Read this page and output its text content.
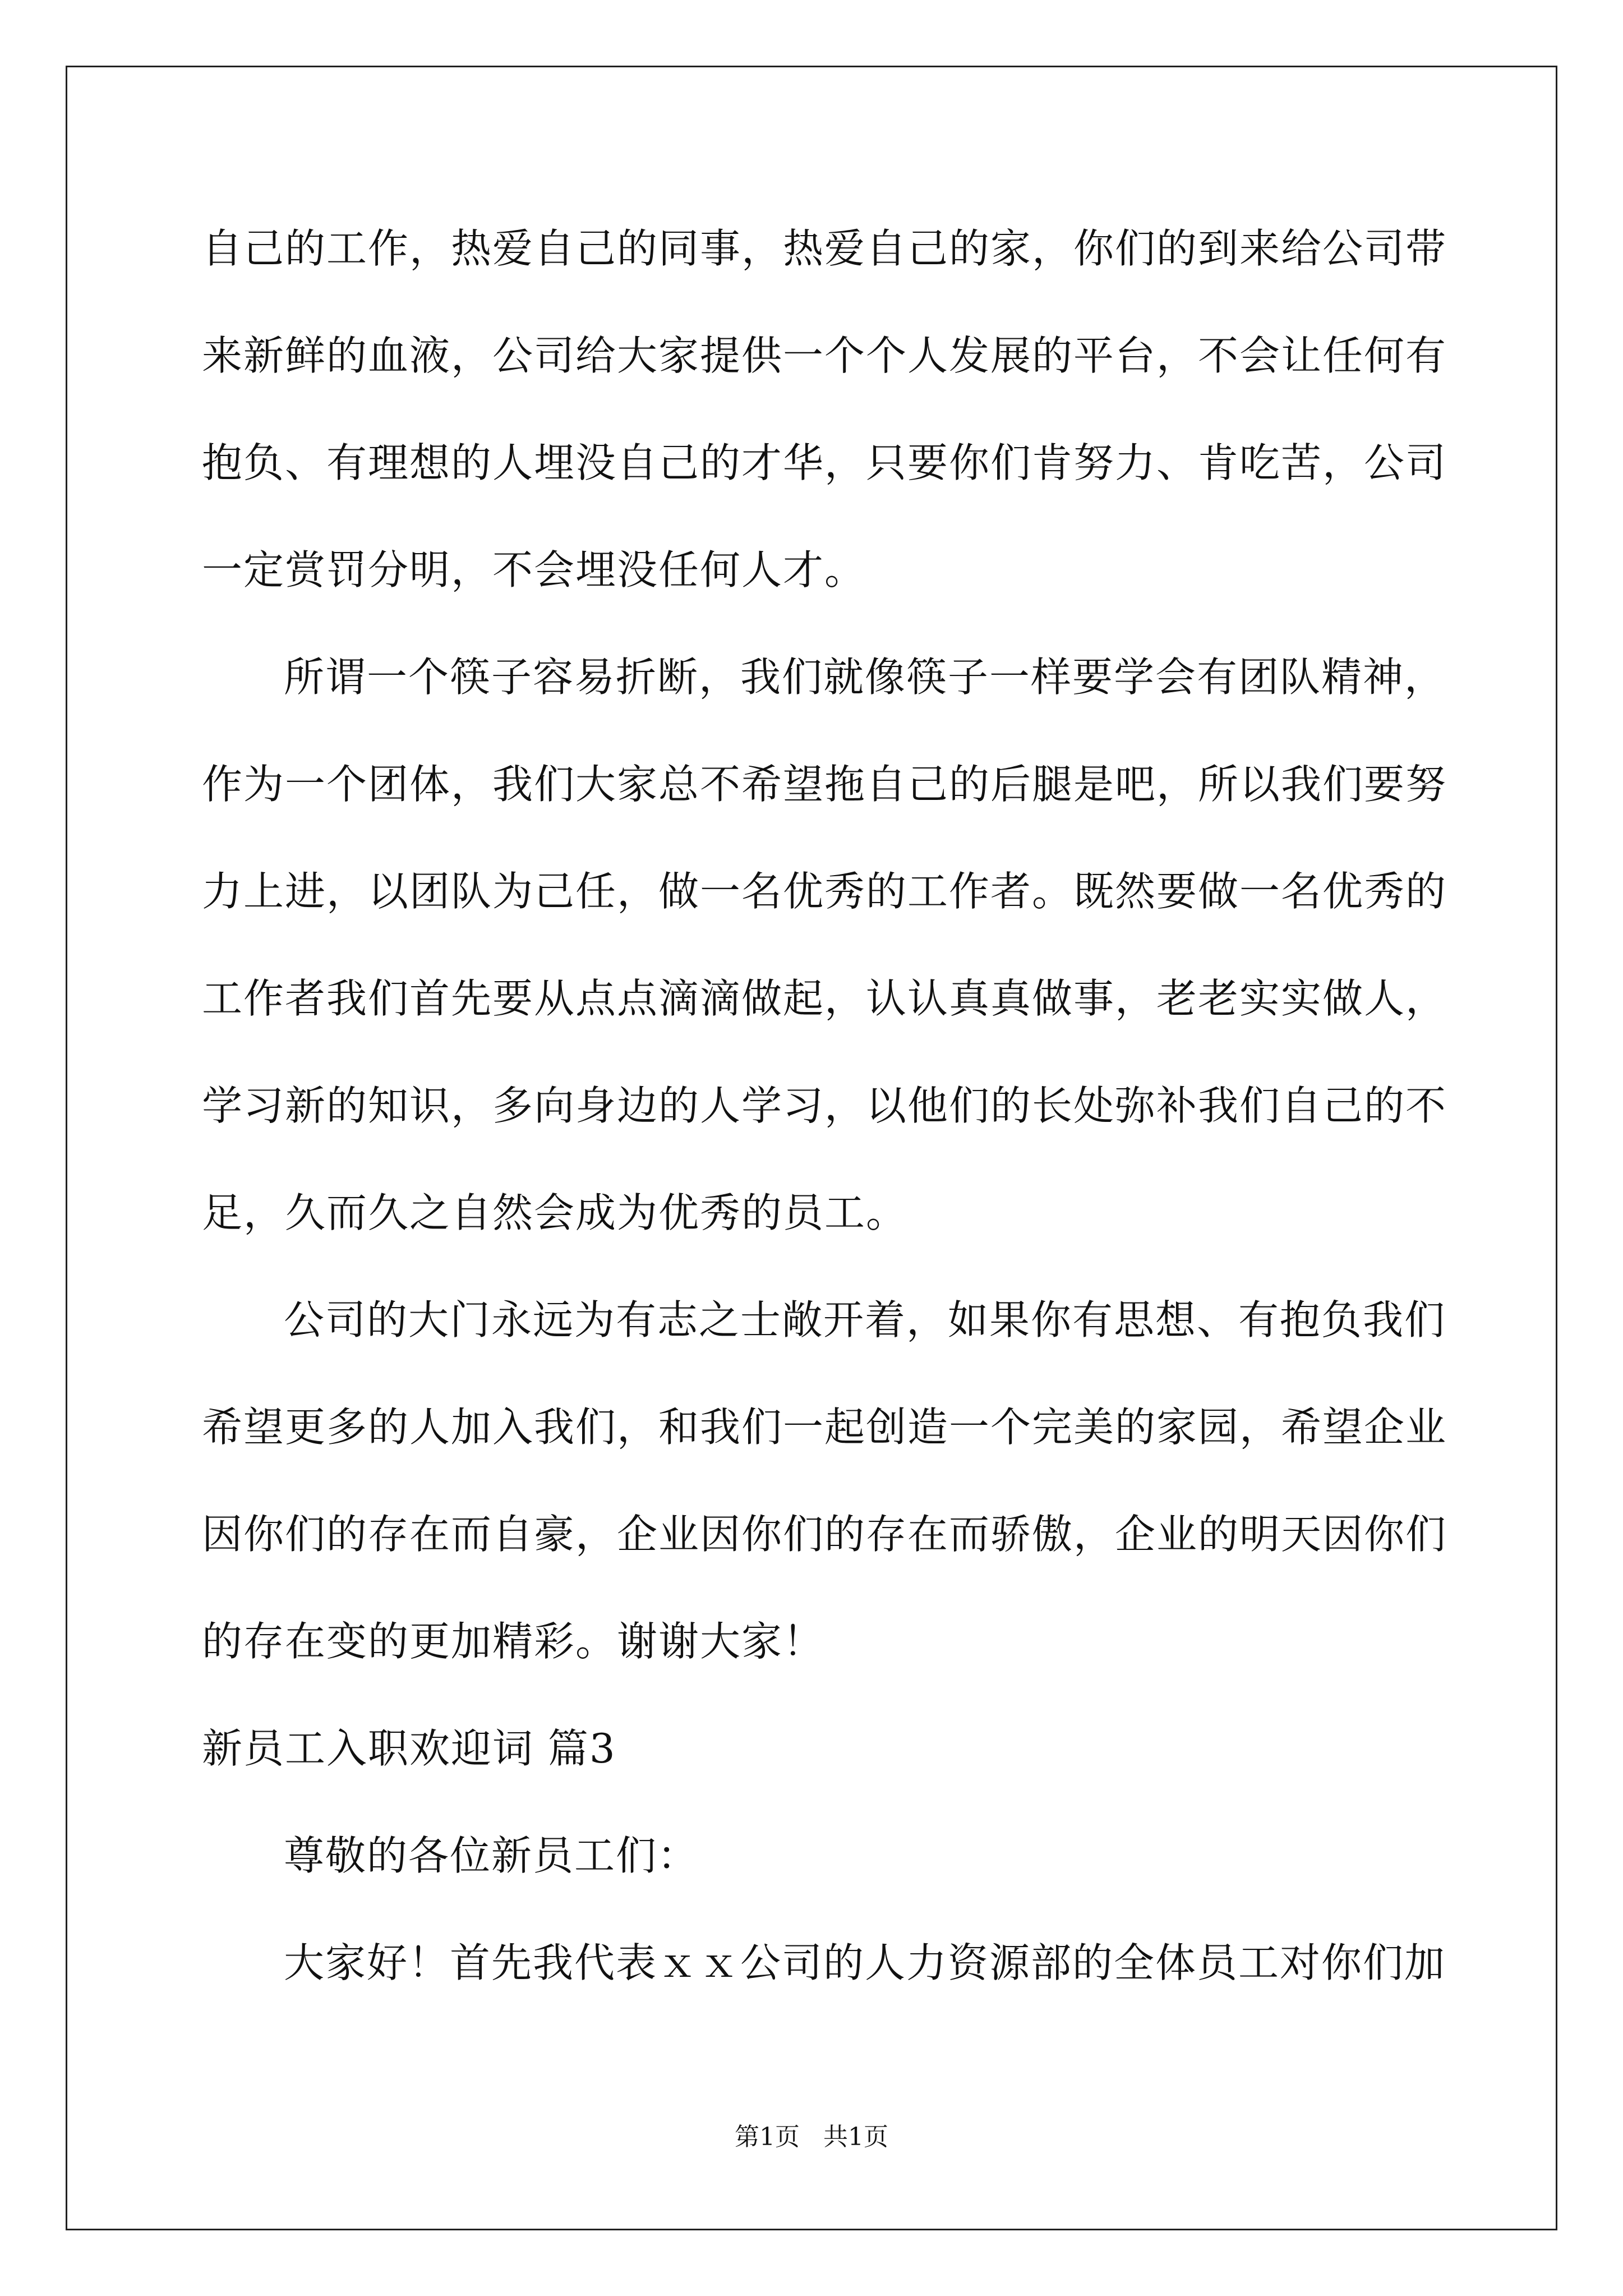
自己的工作，热爱自己的同事，热爱自己的家，你们的到来给公司带
来新鲜的血液，公司给大家提供一个个人发展的平台，不会让任何有
抱负、有理想的人埋没自己的才华，只要你们肯努力、肯吃苦，公司
一定赏罚分明，不会埋没任何人才。
所谓一个筷子容易折断，我们就像筷子一样要学会有团队精神，
作为一个团体，我们大家总不希望拖自己的后腿是吧，所以我们要努
力上进，以团队为己任，做一名优秀的工作者。既然要做一名优秀的
工作者我们首先要从点点滴滴做起，认认真真做事，老老实实做人，
学习新的知识，多向身边的人学习，以他们的长处弥补我们自己的不
足，久而久之自然会成为优秀的员工。
公司的大门永远为有志之士敞开着，如果你有思想、有抱负我们
希望更多的人加入我们，和我们一起创造一个完美的家园，希望企业
因你们的存在而自豪，企业因你们的存在而骄傲，企业的明天因你们
的存在变的更加精彩。谢谢大家！
新员工入职欢迎词 篇3
尊敬的各位新员工们：
大家好！首先我代表ｘｘ公司的人力资源部的全体员工对你们加
第1页   共1页
